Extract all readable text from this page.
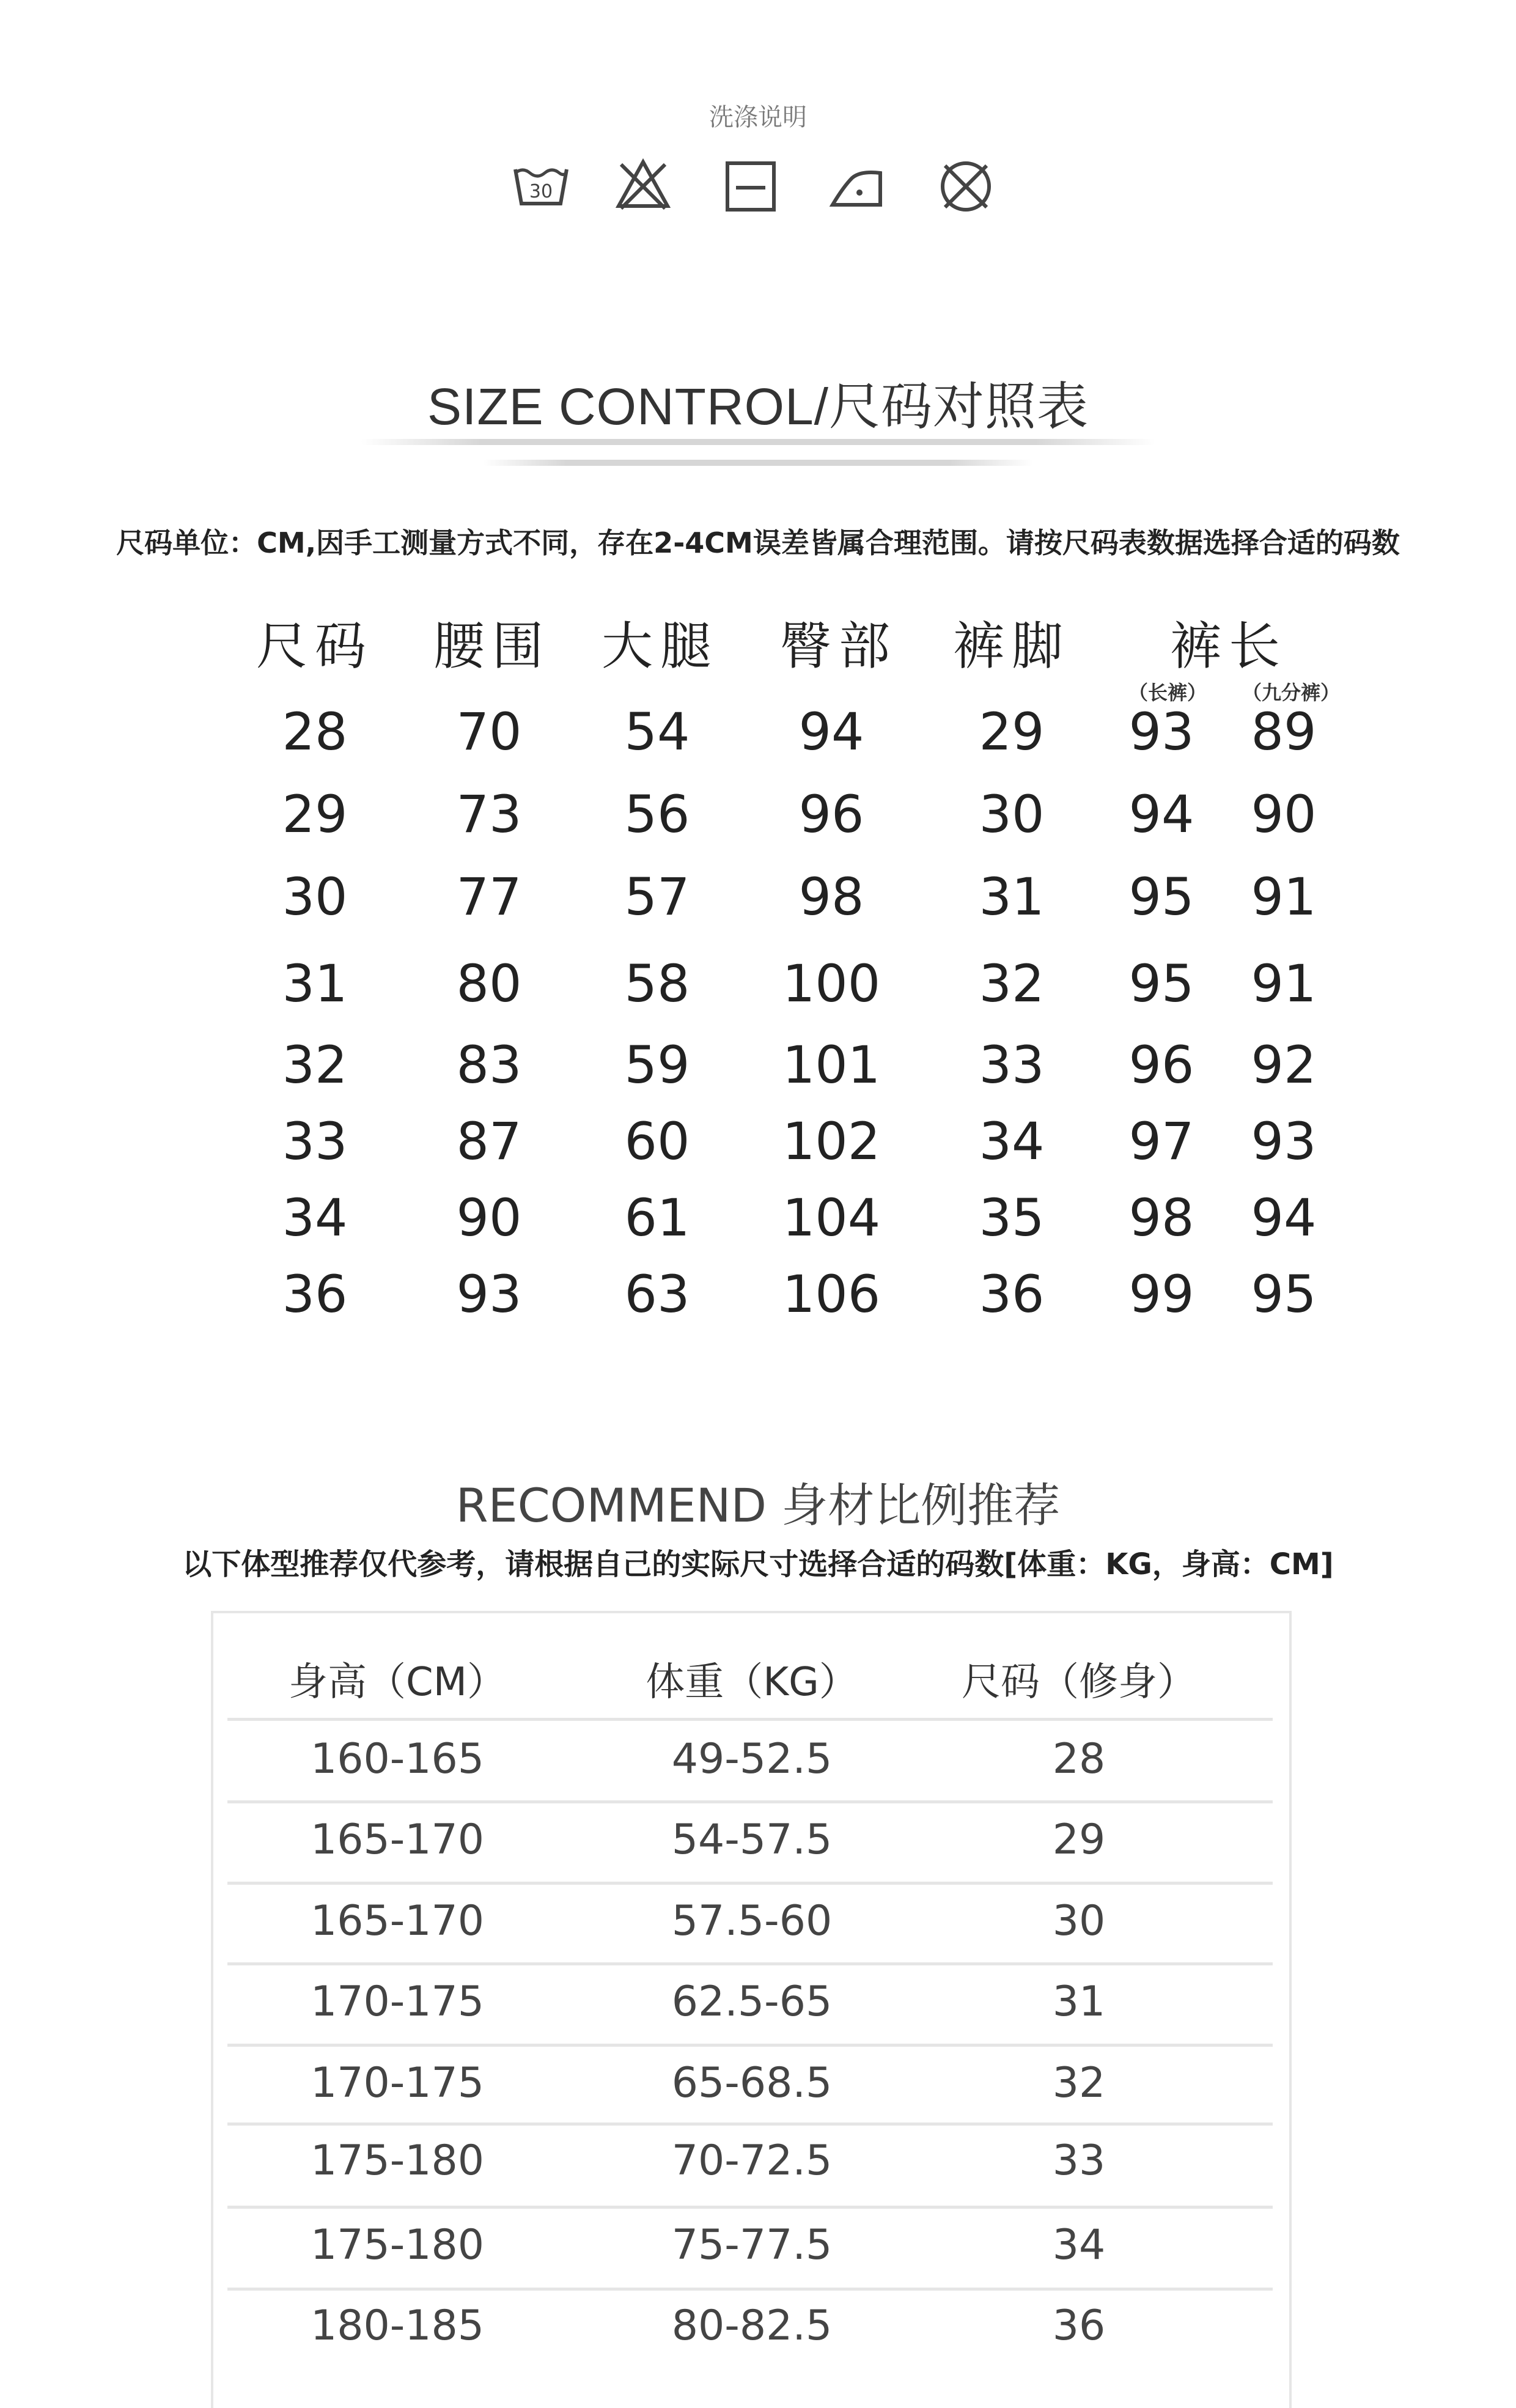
洗涤说明
30
SIZE CONTROL/尺码对照表
尺码单位：CM,因手工测量方式不同，存在2-4CM误差皆属合理范围。请按尺码表数据选择合适的码数
尺码	腰围 大腿	臀部	裤脚	裤长
（长裤）	（九分裤）
28	70	54	94	29	93	89
29	73	56	96	30	94	90
30	77	57	98	31	95	91
31	80	58	100	32	95	91
32	83	59	101	33	96	92
33	87	60	102	34	97	93
34	90	61	104	35	98	94
36	93	63	106	36	99	95
RECOMMEND 身材比例推荐
以下体型推荐仅代参考，请根据自己的实际尺寸选择合适的码数[体重：KG，身高：CM]
身高（CM）	体重（KG）	尺码（修身）
160-165	49-52.5	28
165-170	54-57.5	29
165-170	57.5-60	30
170-175	62.5-65	31
170-175	65-68.5	32
175-180	70-72.5	33
175-180	75-77.5	34
180-185	80-82.5	36
